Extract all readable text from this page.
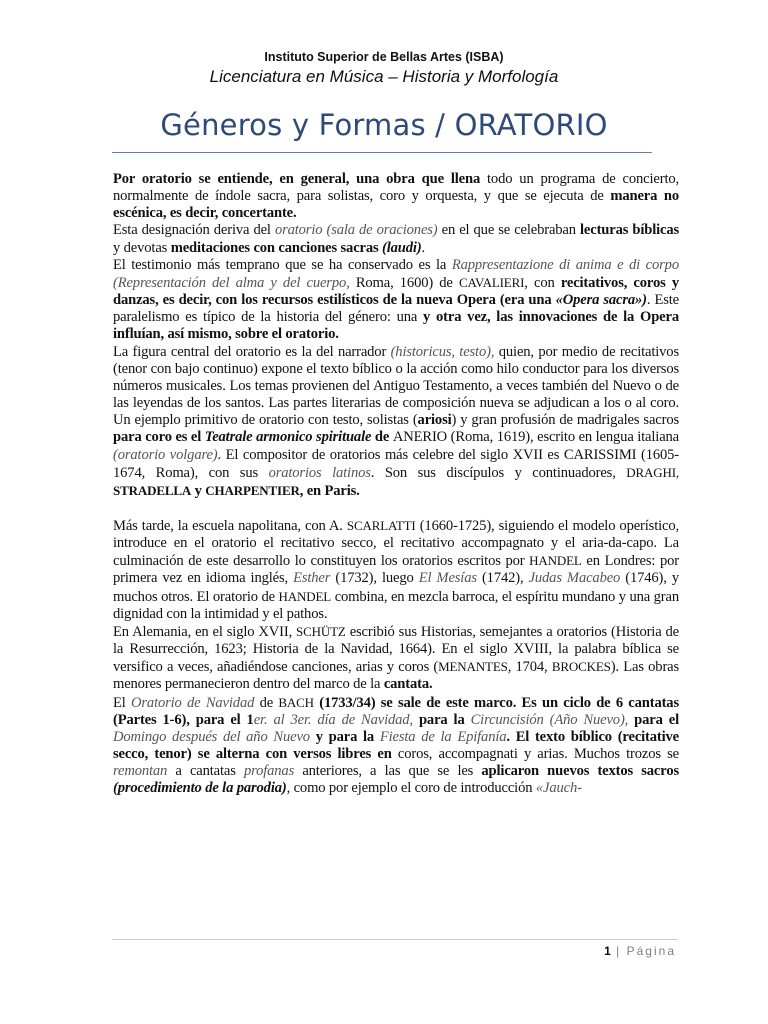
Instituto Superior de Bellas Artes (ISBA)
Licenciatura en Música – Historia y Morfología
Géneros y Formas / ORATORIO

Por oratorio se entiende, en general, una obra que llena todo un programa de concierto, normalmente de índole sacra, para solistas, coro y orquesta, y que se ejecuta de manera no escénica, es decir, concertante.

Esta designación deriva del oratorio (sala de oraciones) en el que se celebraban lecturas bíblicas y devotas meditaciones con canciones sacras (laudi).

El testimonio más temprano que se ha conservado es la Rappresentazione di anima e di corpo (Representación del alma y del cuerpo, Roma, 1600) de CAVALIERI, con recitativos, coros y danzas, es decir, con los recursos estilísticos de la nueva Opera (era una «Opera sacra»). Este paralelismo es típico de la historia del género: una y otra vez, las innovaciones de la Opera influían, así mismo, sobre el oratorio.

La figura central del oratorio es la del narrador (historicus, testo), quien, por medio de recitativos (tenor con bajo continuo) expone el texto bíblico o la acción como hilo conductor para los diversos números musicales. Los temas provienen del Antiguo Testamento, a veces también del Nuevo o de las leyendas de los santos. Las partes literarias de composición nueva se adjudican a los o al coro. Un ejemplo primitivo de oratorio con testo, solistas (ariosi) y gran profusión de madrigales sacros para coro es el Teatrale armonico spirituale de ANERIO (Roma, 1619), escrito en lengua italiana (oratorio volgare). El compositor de oratorios más celebre del siglo XVII es CARISSIMI (1605-1674, Roma), con sus oratorios latinos. Son sus discípulos y continuadores, DRAGHI, STRADELLA y CHARPENTIER, en Paris.

Más tarde, la escuela napolitana, con A. SCARLATTI (1660-1725), siguiendo el modelo operístico, introduce en el oratorio el recitativo secco, el recitativo accompagnato y el aria-da-capo. La culminación de este desarrollo lo constituyen los oratorios escritos por HANDEL en Londres: por primera vez en idioma inglés, Esther (1732), luego El Mesías (1742), Judas Macabeo (1746), y muchos otros. El oratorio de HANDEL combina, en mezcla barroca, el espíritu mundano y una gran dignidad con la intimidad y el pathos.

En Alemania, en el siglo XVII, SCHÜTZ escribió sus Historias, semejantes a oratorios (Historia de la Resurrección, 1623; Historia de la Navidad, 1664). En el siglo XVIII, la palabra bíblica se versifico a veces, añadiéndose canciones, arias y coros (MENANTES, 1704, BROCKES). Las obras menores permanecieron dentro del marco de la cantata.

El Oratorio de Navidad de BACH (1733/34) se sale de este marco. Es un ciclo de 6 cantatas (Partes 1-6), para el 1er. al 3er. día de Navidad, para la Circuncisión (Año Nuevo), para el Domingo después del año Nuevo y para la Fiesta de la Epifanía. El texto bíblico (recitative secco, tenor) se alterna con versos libres en coros, accompagnati y arias. Muchos trozos se remontan a cantatas profanas anteriores, a las que se les aplicaron nuevos textos sacros (procedimiento de la parodia), como por ejemplo el coro de introducción «Jauch-

1 | Página
